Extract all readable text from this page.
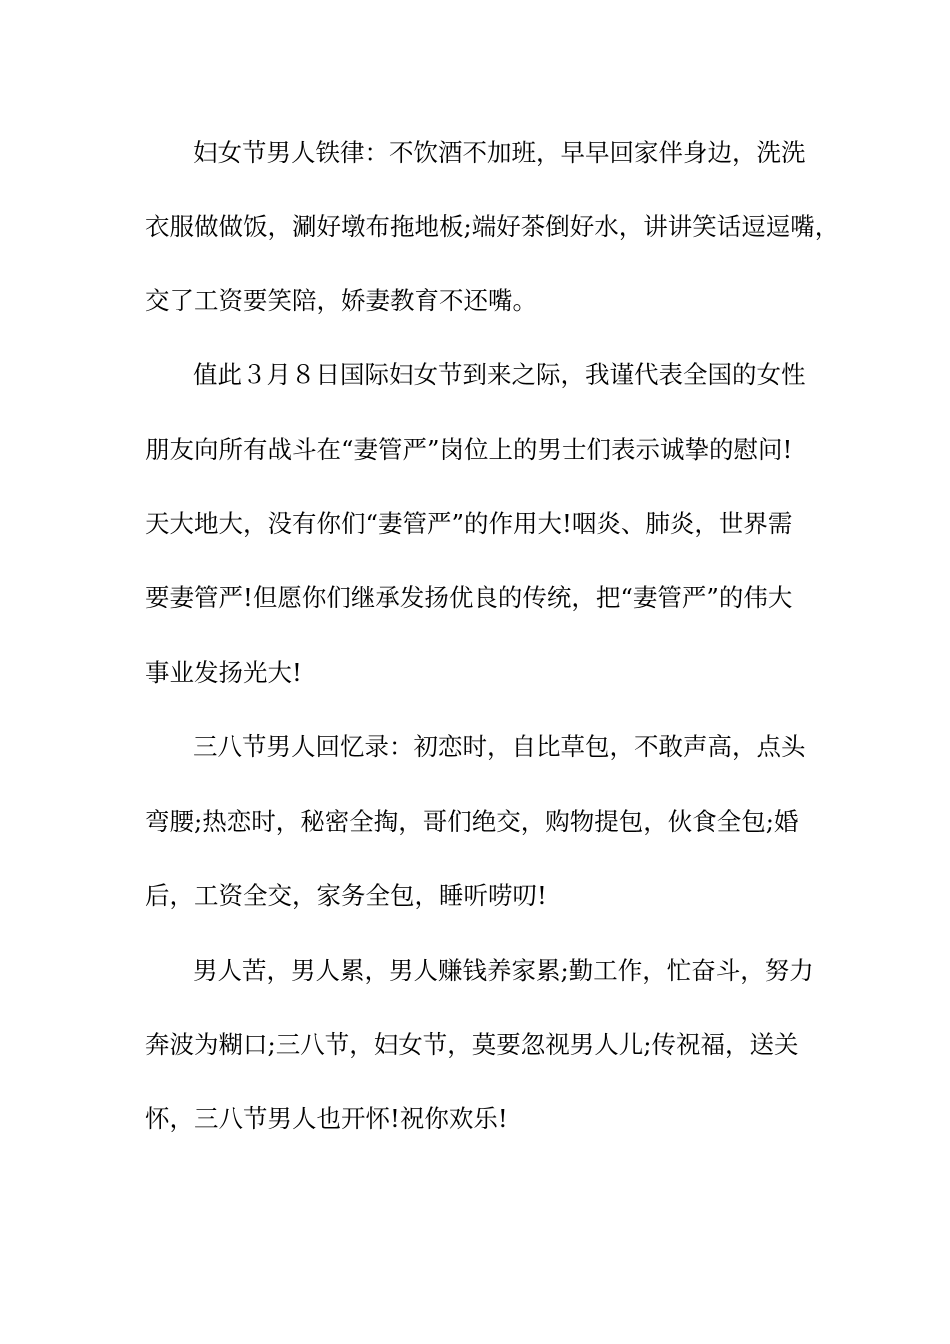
妇女节男人铁律：不饮酒不加班，早早回家伴身边，洗洗
衣服做做饭，涮好墩布拖地板;端好茶倒好水，讲讲笑话逗逗嘴，
交了工资要笑陪，娇妻教育不还嘴。
值此３月８日国际妇女节到来之际，我谨代表全国的女性
朋友向所有战斗在“妻管严”岗位上的男士们表示诚挚的慰问!
天大地大，没有你们“妻管严”的作用大!咽炎、肺炎，世界需
要妻管严!但愿你们继承发扬优良的传统，把“妻管严”的伟大
事业发扬光大!
三八节男人回忆录：初恋时，自比草包，不敢声高，点头
弯腰;热恋时，秘密全掏，哥们绝交，购物提包，伙食全包;婚
后，工资全交，家务全包，睡听唠叨!
男人苦，男人累，男人赚钱养家累;勤工作，忙奋斗，努力
奔波为糊口;三八节，妇女节，莫要忽视男人儿;传祝福，送关
怀，三八节男人也开怀!祝你欢乐!
